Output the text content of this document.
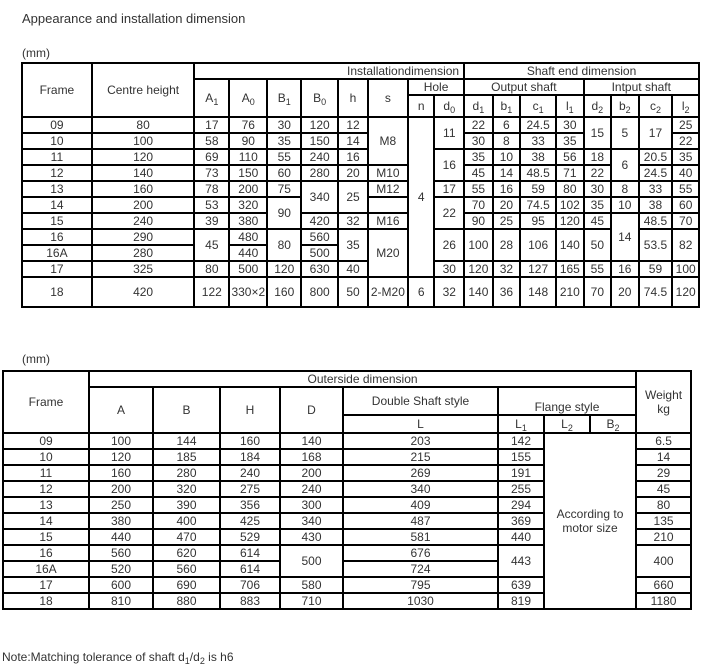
Appearance and installation dimension
(mm)
Frame	Centre height	Installationdimension								Shaft end dimension							
		$A_1$	$A_0$	$B_1$	$B_0$	h	s	Hole		Output shaft				Intput shaft			
								n	$d_0$	$d_1$	$b_1$	$c_1$	$l_1$	$d_2$	$b_2$	$c_2$	$l_2$
09	80	17	76	30	120	12	M8	4	11	22	6	24.5	30	15	5	17	25
10	100	58	90	35	150	14				30	8	33	35				22
11	120	69	110	55	240	16			16	35	10	38	56	18	6	20.5	35
12	140	73	150	60	280	20	M10			45	14	48.5	71	22		24.5	40
13	160	78	200	75	340	25	M12		17	55	16	59	80	30	8	33	55
14	200	53	320	90					22	70	20	74.5	102	35	10	38	60
15	240	39	380		420	32	M16			90	25	95	120	45	14	48.5	70
16	290	45	480	80	560	35	M20		26	100	28	106	140	50		53.5	82
16A	280		440		500												
17	325	80	500	120	630	40			30	120	32	127	165	55	16	59	100
18	420	122	330×2	160	800	50	2-M20	6	32	140	36	148	210	70	20	74.5	120
(mm)
Frame	Outerside dimension								Weight kg
	A	B	H	D	Double Shaft style	Flange style			
					L	$L_1$	$L_2$	$B_2$
09	100	144	160	140	203	142	According to motor size		6.5
10	120	185	184	168	215	155			14
11	160	280	240	200	269	191			29
12	200	320	275	240	340	255			45
13	250	390	356	300	409	294			80
14	380	400	425	340	487	369			135
15	440	470	529	430	581	440			210
16	560	620	614	500	676	443			400
16A	520	560	614		724				
17	600	690	706	580	795	639			660
18	810	880	883	710	1030	819			1180
Note:Matching tolerance of shaft $d_1/d_2$ is h6
